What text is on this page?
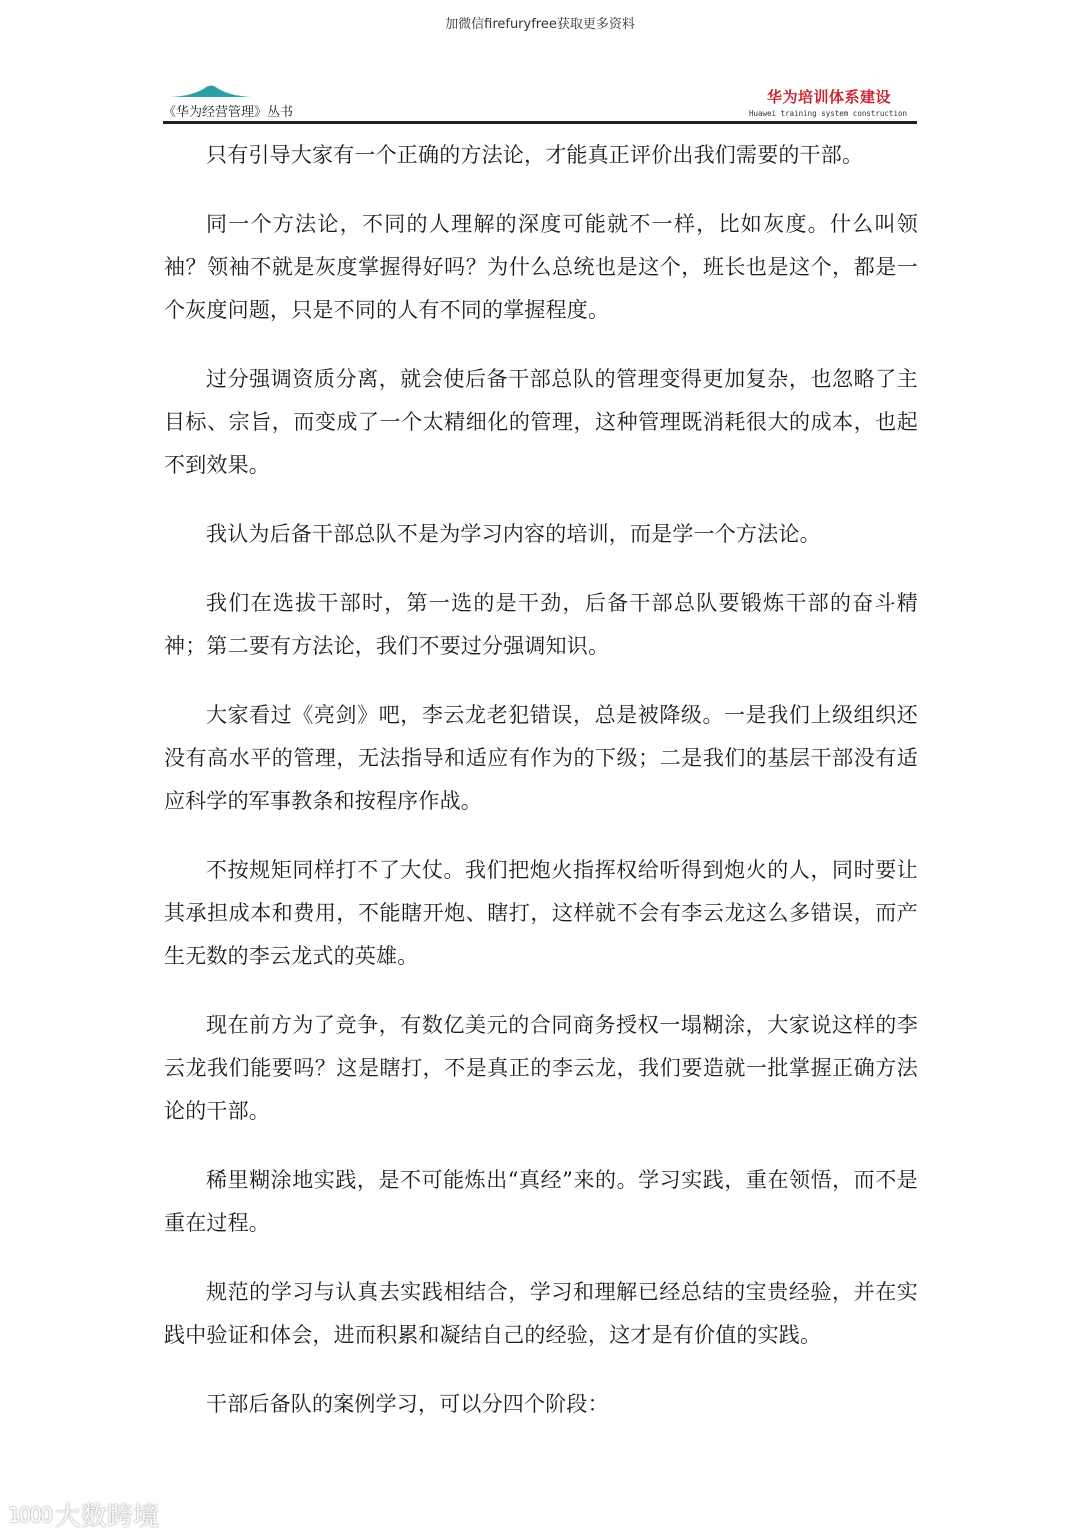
加微信firefuryfree获取更多资料
《华为经营管理》丛书
华为培训体系建设
Huawei training system construction

只有引导大家有一个正确的方法论，才能真正评价出我们需要的干部。

同一个方法论，不同的人理解的深度可能就不一样，比如灰度。什么叫领袖？领袖不就是灰度掌握得好吗？为什么总统也是这个，班长也是这个，都是一个灰度问题，只是不同的人有不同的掌握程度。

过分强调资质分离，就会使后备干部总队的管理变得更加复杂，也忽略了主目标、宗旨，而变成了一个太精细化的管理，这种管理既消耗很大的成本，也起不到效果。

我认为后备干部总队不是为学习内容的培训，而是学一个方法论。

我们在选拔干部时，第一选的是干劲，后备干部总队要锻炼干部的奋斗精神；第二要有方法论，我们不要过分强调知识。

大家看过《亮剑》吧，李云龙老犯错误，总是被降级。一是我们上级组织还没有高水平的管理，无法指导和适应有作为的下级；二是我们的基层干部没有适应科学的军事教条和按程序作战。

不按规矩同样打不了大仗。我们把炮火指挥权给听得到炮火的人，同时要让其承担成本和费用，不能瞎开炮、瞎打，这样就不会有李云龙这么多错误，而产生无数的李云龙式的英雄。

现在前方为了竞争，有数亿美元的合同商务授权一塌糊涂，大家说这样的李云龙我们能要吗？这是瞎打，不是真正的李云龙，我们要造就一批掌握正确方法论的干部。

稀里糊涂地实践，是不可能炼出“真经”来的。学习实践，重在领悟，而不是重在过程。

规范的学习与认真去实践相结合，学习和理解已经总结的宝贵经验，并在实践中验证和体会，进而积累和凝结自己的经验，这才是有价值的实践。

干部后备队的案例学习，可以分四个阶段：

1000 大数跨境
